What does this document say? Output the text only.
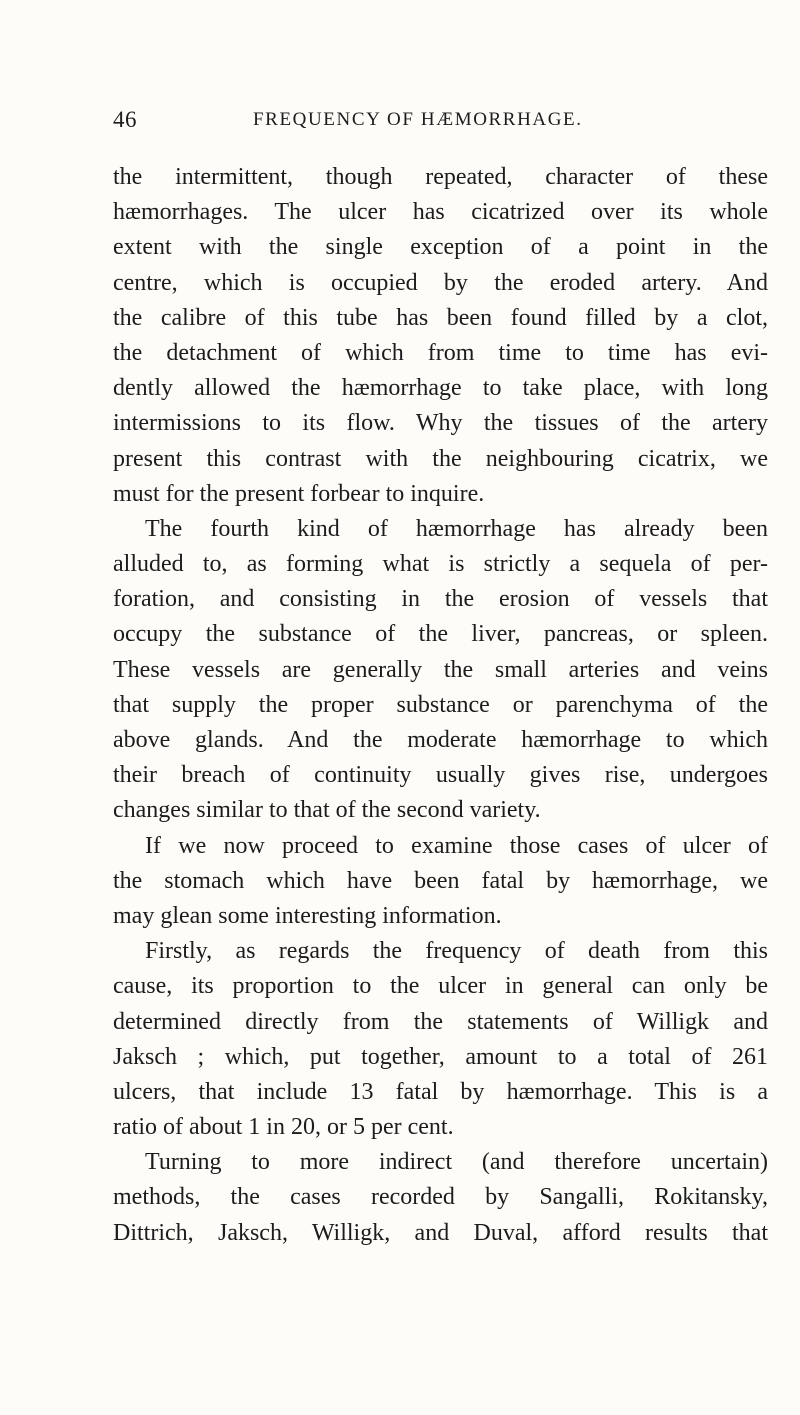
46	FREQUENCY OF HÆMORRHAGE.
the intermittent, though repeated, character of these
hæmorrhages. The ulcer has cicatrized over its whole
extent with the single exception of a point in the
centre, which is occupied by the eroded artery. And
the calibre of this tube has been found filled by a clot,
the detachment of which from time to time has evi-
dently allowed the hæmorrhage to take place, with long
intermissions to its flow. Why the tissues of the artery
present this contrast with the neighbouring cicatrix, we
must for the present forbear to inquire.
The fourth kind of hæmorrhage has already been
alluded to, as forming what is strictly a sequela of per-
foration, and consisting in the erosion of vessels that
occupy the substance of the liver, pancreas, or spleen.
These vessels are generally the small arteries and veins
that supply the proper substance or parenchyma of the
above glands. And the moderate hæmorrhage to which
their breach of continuity usually gives rise, undergoes
changes similar to that of the second variety.
If we now proceed to examine those cases of ulcer of
the stomach which have been fatal by hæmorrhage, we
may glean some interesting information.
Firstly, as regards the frequency of death from this
cause, its proportion to the ulcer in general can only be
determined directly from the statements of Willigk and
Jaksch ; which, put together, amount to a total of 261
ulcers, that include 13 fatal by hæmorrhage. This is a
ratio of about 1 in 20, or 5 per cent.
Turning to more indirect (and therefore uncertain)
methods, the cases recorded by Sangalli, Rokitansky,
Dittrich, Jaksch, Willigk, and Duval, afford results that
